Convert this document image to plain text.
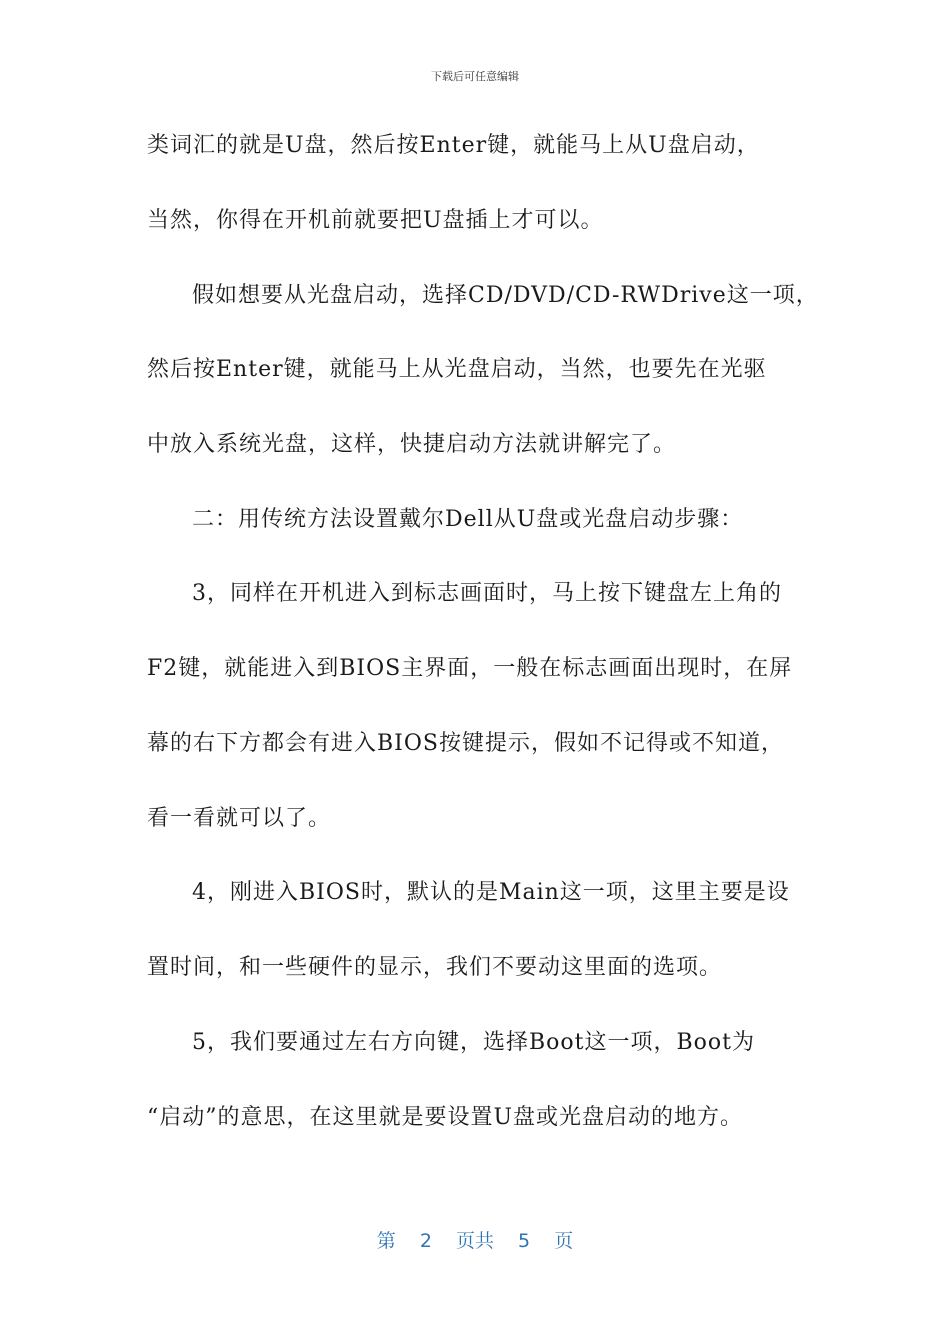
下载后可任意编辑
类词汇的就是U盘，然后按Enter键，就能马上从U盘启动，
当然，你得在开机前就要把U盘插上才可以。
假如想要从光盘启动，选择CD/DVD/CD-RWDrive这一项，
然后按Enter键，就能马上从光盘启动，当然，也要先在光驱
中放入系统光盘，这样，快捷启动方法就讲解完了。
二：用传统方法设置戴尔Dell从U盘或光盘启动步骤：
3，同样在开机进入到标志画面时，马上按下键盘左上角的
F2键，就能进入到BIOS主界面，一般在标志画面出现时，在屏
幕的右下方都会有进入BIOS按键提示，假如不记得或不知道，
看一看就可以了。
4，刚进入BIOS时，默认的是Main这一项，这里主要是设
置时间，和一些硬件的显示，我们不要动这里面的选项。
5，我们要通过左右方向键，选择Boot这一项，Boot为
“启动”的意思，在这里就是要设置U盘或光盘启动的地方。
第 2 页共 5 页
